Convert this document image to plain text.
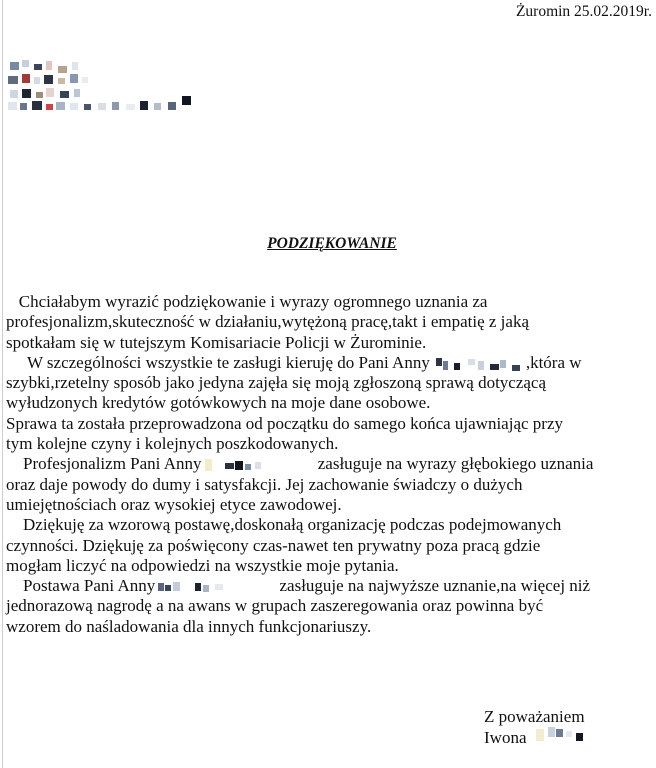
Żuromin 25.02.2019r.
PODZIĘKOWANIE
Chciałabym wyrazić podziękowanie i wyrazy ogromnego uznania za
profesjonalizm,skuteczność w działaniu,wytężoną pracę,takt i empatię z jaką
spotkałam się w tutejszym Komisariacie Policji w Żurominie.
W szczególności wszystkie te zasługi kieruję do Pani Anny	,która w
szybki,rzetelny sposób jako jedyna zajęła się moją zgłoszoną sprawą dotyczącą
wyłudzonych kredytów gotówkowych na moje dane osobowe.
Sprawa ta została przeprowadzona od początku do samego końca ujawniając przy
tym kolejne czyny i kolejnych poszkodowanych.
Profesjonalizm Pani Anny	zasługuje na wyrazy głębokiego uznania
oraz daje powody do dumy i satysfakcji. Jej zachowanie świadczy o dużych
umiejętnościach oraz wysokiej etyce zawodowej.
Dziękuję za wzorową postawę,doskonałą organizację podczas podejmowanych
czynności. Dziękuję za poświęcony czas-nawet ten prywatny poza pracą gdzie
mogłam liczyć na odpowiedzi na wszystkie moje pytania.
Postawa Pani Anny	zasługuje na najwyższe uznanie,na więcej niż
jednorazową nagrodę a na awans w grupach zaszeregowania oraz powinna być
wzorem do naśladowania dla innych funkcjonariuszy.
Z poważaniem
Iwona
